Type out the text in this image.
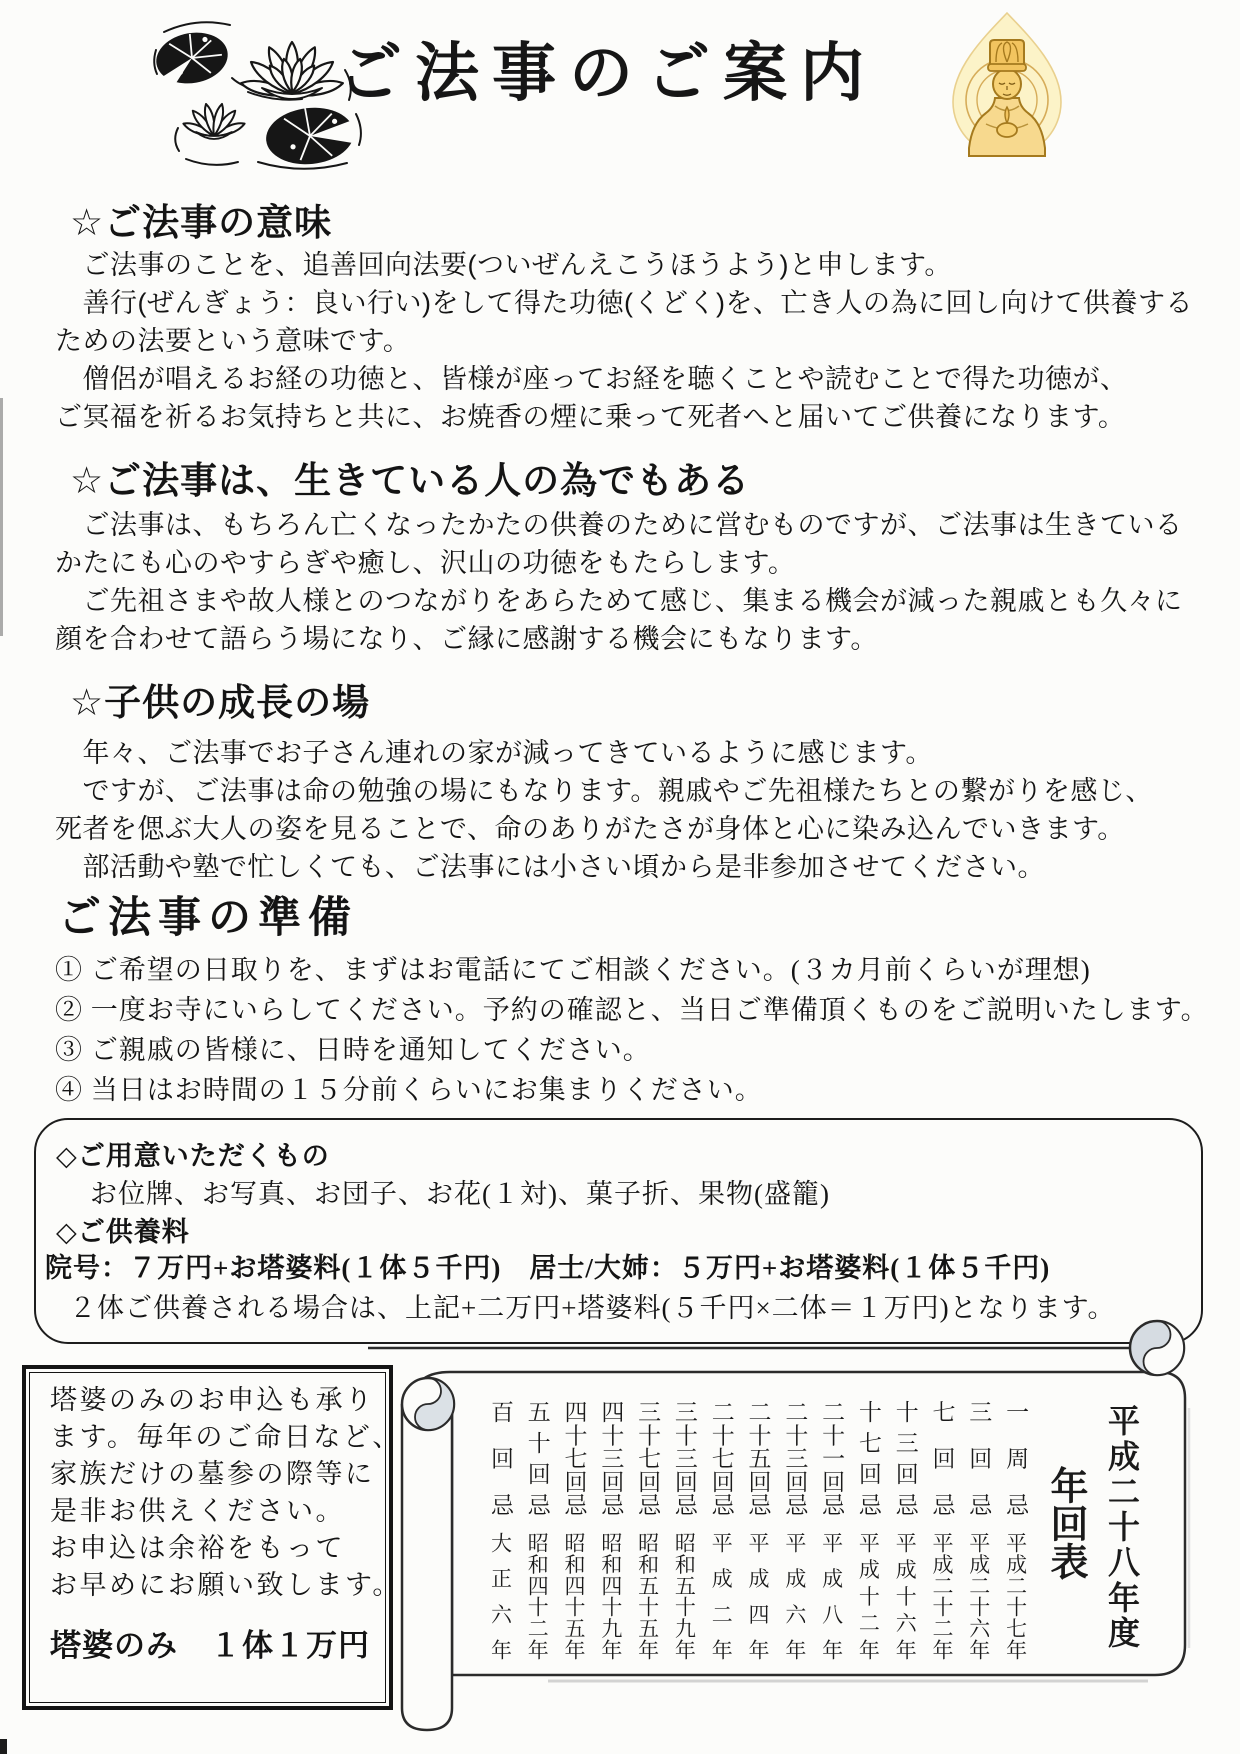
ご法事のご案内
☆ご法事の意味
　ご法事のことを、追善回向法要(ついぜんえこうほうよう)と申します。
　善行(ぜんぎょう：良い行い)をして得た功徳(くどく)を、亡き人の為に回し向けて供養する
ための法要という意味です。
　僧侶が唱えるお経の功徳と、皆様が座ってお経を聴くことや読むことで得た功徳が、
ご冥福を祈るお気持ちと共に、お焼香の煙に乗って死者へと届いてご供養になります。
☆ご法事は、生きている人の為でもある
　ご法事は、もちろん亡くなったかたの供養のために営むものですが、ご法事は生きている
かたにも心のやすらぎや癒し、沢山の功徳をもたらします。
　ご先祖さまや故人様とのつながりをあらためて感じ、集まる機会が減った親戚とも久々に
顔を合わせて語らう場になり、ご縁に感謝する機会にもなります。
☆子供の成長の場
　年々、ご法事でお子さん連れの家が減ってきているように感じます。
　ですが、ご法事は命の勉強の場にもなります。親戚やご先祖様たちとの繋がりを感じ、
死者を偲ぶ大人の姿を見ることで、命のありがたさが身体と心に染み込んでいきます。
　部活動や塾で忙しくても、ご法事には小さい頃から是非参加させてください。
ご法事の準備
① ご希望の日取りを、まずはお電話にてご相談ください。(３カ月前くらいが理想)
② 一度お寺にいらしてください。予約の確認と、当日ご準備頂くものをご説明いたします。
③ ご親戚の皆様に、日時を通知してください。
④ 当日はお時間の１５分前くらいにお集まりください。
◇ご用意いただくもの
お位牌、お写真、お団子、お花(１対)、菓子折、果物(盛籠)
◇ご供養料
院号：７万円+お塔婆料(１体５千円)　居士/大姉：５万円+お塔婆料(１体５千円)
２体ご供養される場合は、上記+二万円+塔婆料(５千円×二体＝１万円)となります。
塔婆のみのお申込も承り
ます。毎年のご命日など、
家族だけの墓参の際等に
是非お供えください。
お申込は余裕をもって
お早めにお願い致します。
塔婆のみ　１体１万円	平成二十八年度
年回表
一周忌
平成二十七年
三回忌
平成二十六年
七回忌
平成二十二年
十三回忌
平成十六年
十七回忌
平成十二年
二十一回忌
平成八年
二十三回忌
平成六年
二十五回忌
平成四年
二十七回忌
平成二年
三十三回忌
昭和五十九年
三十七回忌
昭和五十五年
四十三回忌
昭和四十九年
四十七回忌
昭和四十五年
五十回忌
昭和四十二年
百回忌
大正六年
